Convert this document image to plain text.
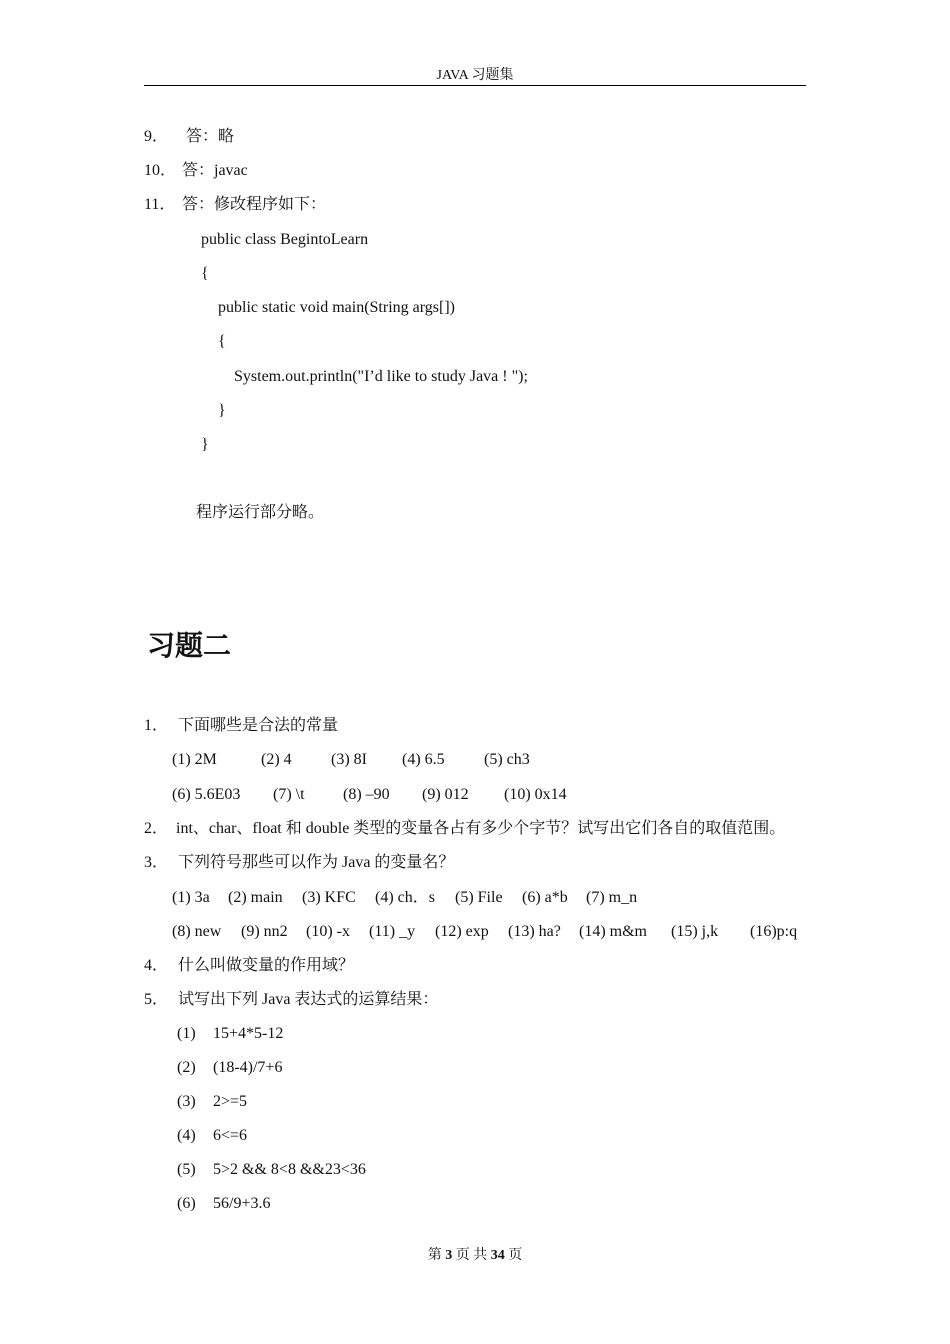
JAVA 习题集
9． 答：略
10． 答：javac
11． 答：修改程序如下：
public class BegintoLearn
{
public static void main(String args[])
{
System.out.println("I’d like to study Java ! ");
}
}
程序运行部分略。
习题二
1． 下面哪些是合法的常量
(1) 2M	(2) 4 (3) 8I (4) 6.5 (5) ch3
(6) 5.6E03 (7) \t (8) –90 (9) 012 (10) 0x14
2． int、char、float 和 double 类型的变量各占有多少个字节？试写出它们各自的取值范围。
3． 下列符号那些可以作为 Java 的变量名？
(1) 3a (2) main (3) KFC (4) ch．s (5) File (6) a*b (7) m_n
(8) new (9) nn2 (10) -x (11) _y (12) exp (13) ha? (14) m&m (15) j,k (16)p:q
4． 什么叫做变量的作用域？
5． 试写出下列 Java 表达式的运算结果：
(1) 15+4*5-12
(2) (18-4)/7+6
(3) 2>=5
(4) 6<=6
(5) 5>2 && 8<8 &&23<36
(6) 56/9+3.6
第 3 页 共 34 页
